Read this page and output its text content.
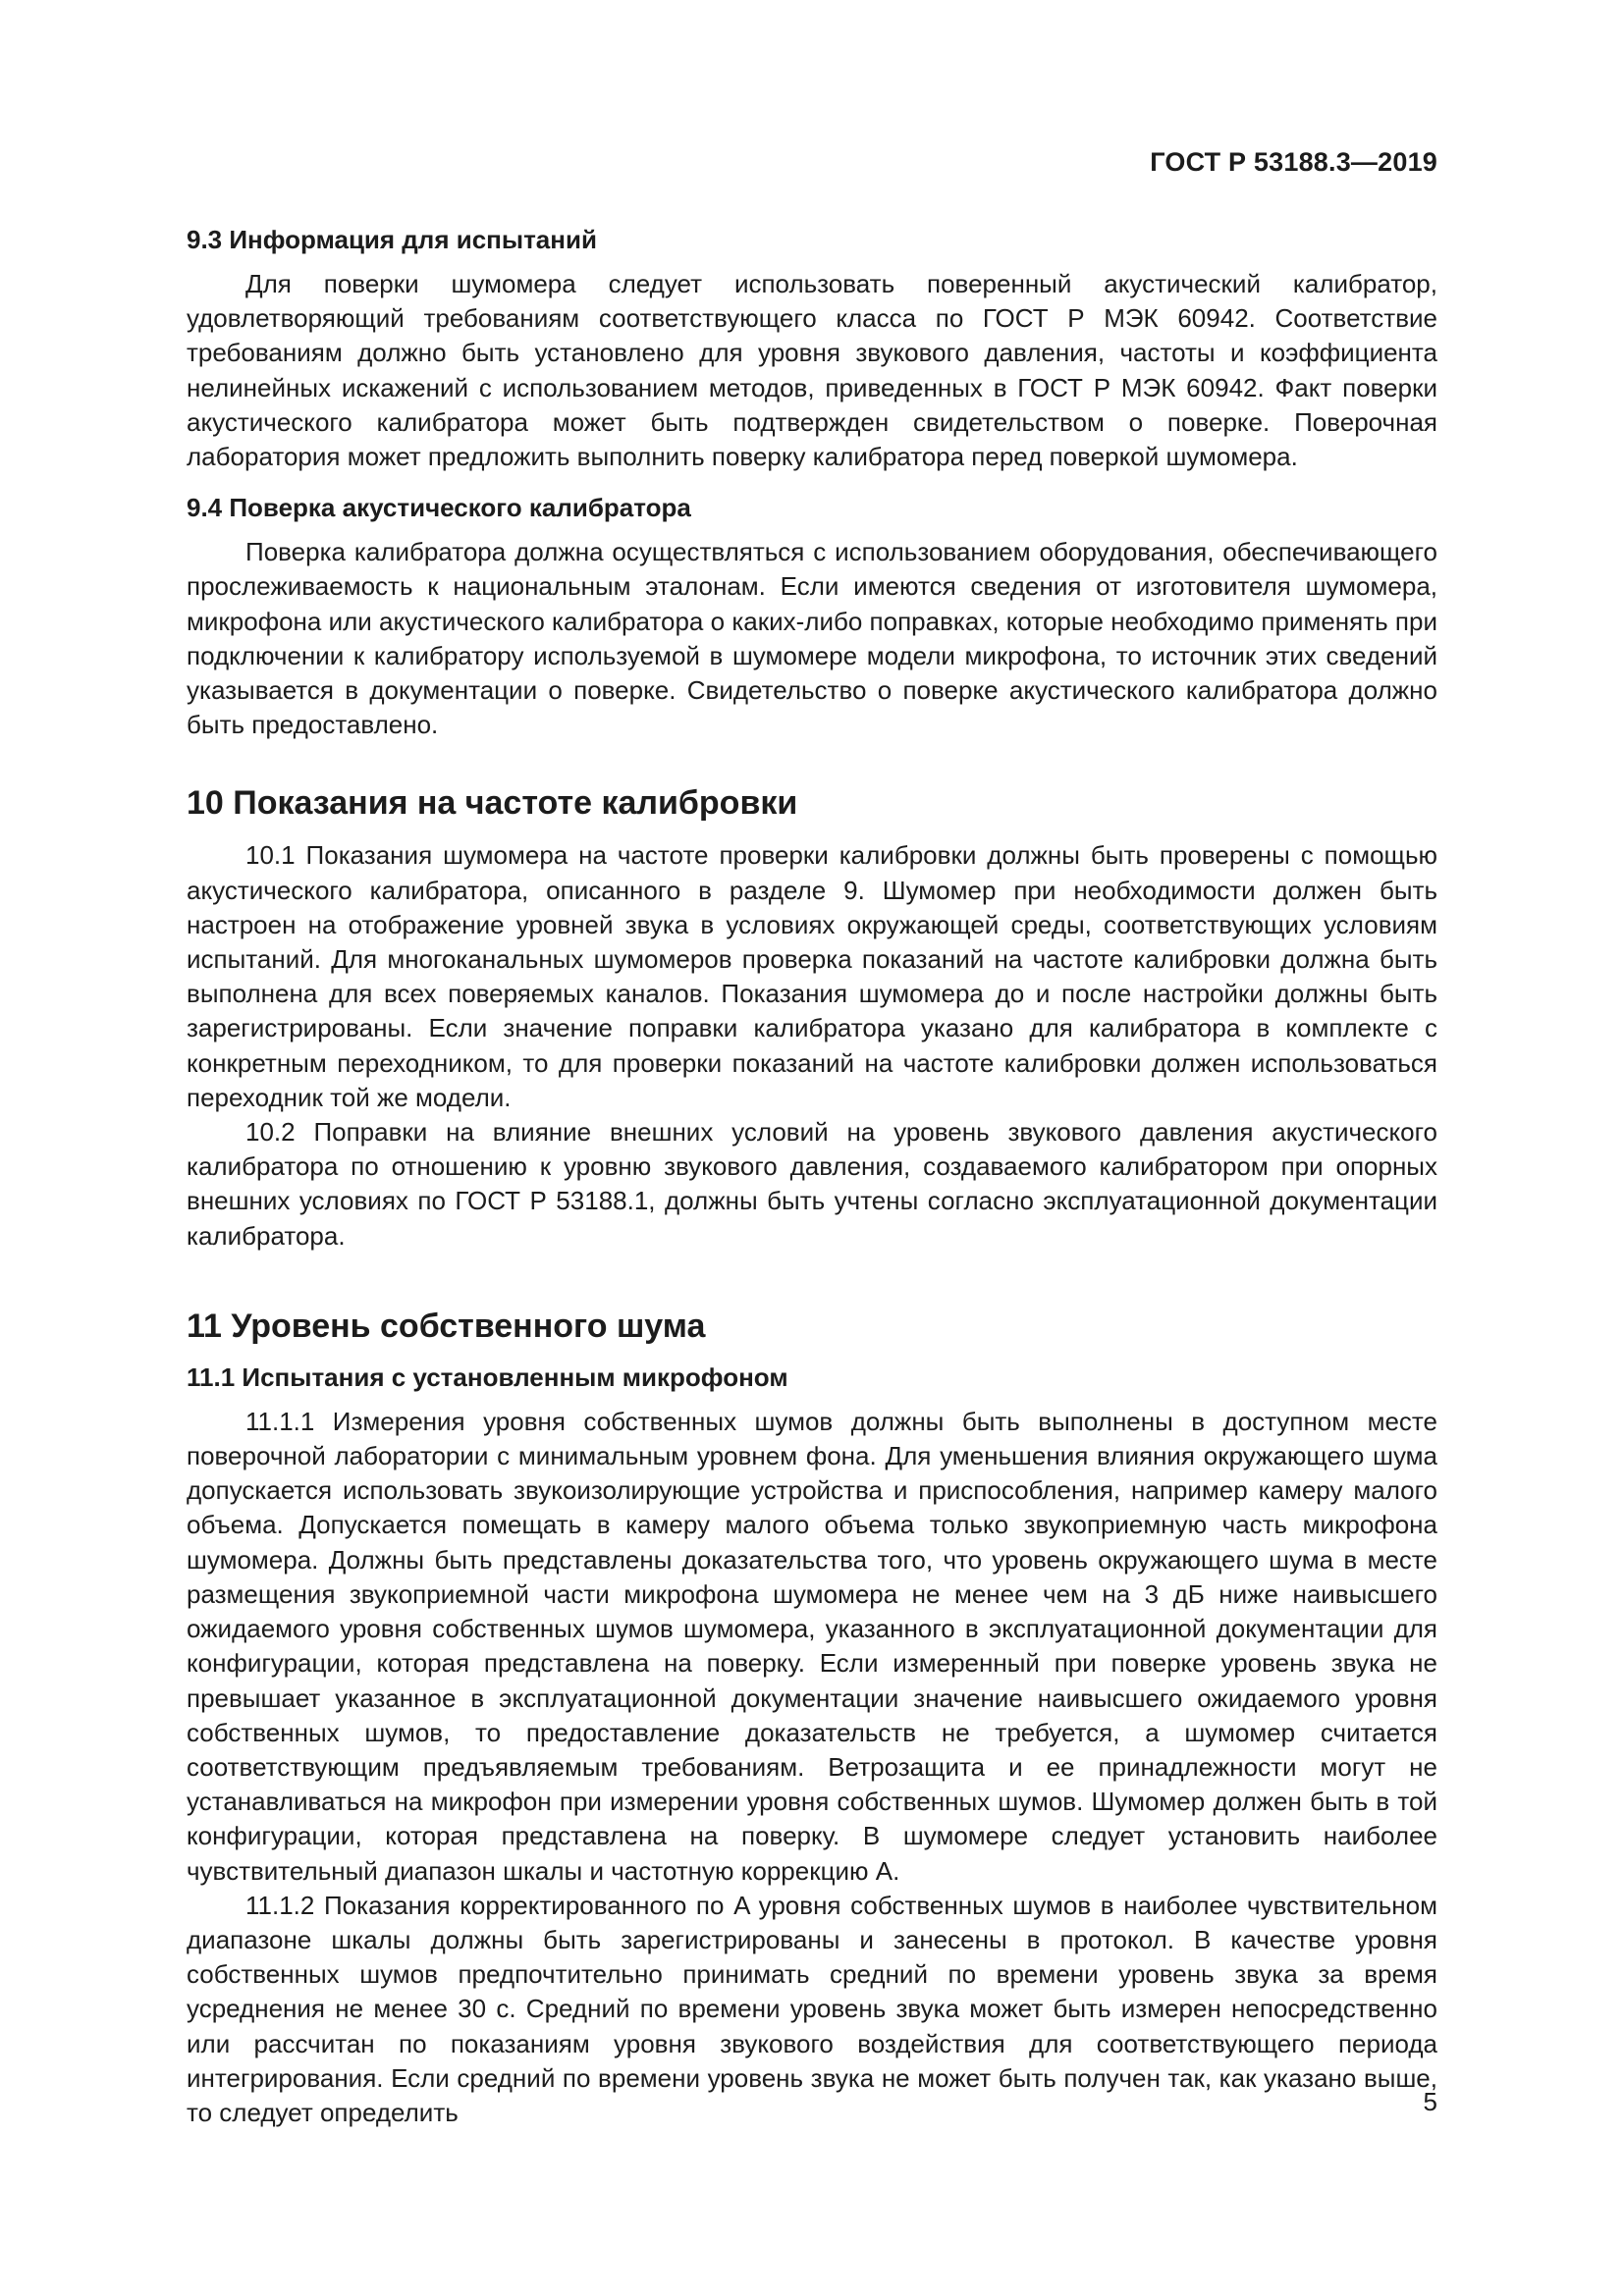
ГОСТ Р 53188.3—2019
9.3 Информация для испытаний

Для поверки шумомера следует использовать поверенный акустический калибратор, удовлетворяющий требованиям соответствующего класса по ГОСТ Р МЭК 60942. Соответствие требованиям должно быть установлено для уровня звукового давления, частоты и коэффициента нелинейных искажений с использованием методов, приведенных в ГОСТ Р МЭК 60942. Факт поверки акустического калибратора может быть подтвержден свидетельством о поверке. Поверочная лаборатория может предложить выполнить поверку калибратора перед поверкой шумомера.

9.4 Поверка акустического калибратора

Поверка калибратора должна осуществляться с использованием оборудования, обеспечивающего прослеживаемость к национальным эталонам. Если имеются сведения от изготовителя шумомера, микрофона или акустического калибратора о каких-либо поправках, которые необходимо применять при подключении к калибратору используемой в шумомере модели микрофона, то источник этих сведений указывается в документации о поверке. Свидетельство о поверке акустического калибратора должно быть предоставлено.

10 Показания на частоте калибровки

10.1 Показания шумомера на частоте проверки калибровки должны быть проверены с помощью акустического калибратора, описанного в разделе 9. Шумомер при необходимости должен быть настроен на отображение уровней звука в условиях окружающей среды, соответствующих условиям испытаний. Для многоканальных шумомеров проверка показаний на частоте калибровки должна быть выполнена для всех поверяемых каналов. Показания шумомера до и после настройки должны быть зарегистрированы. Если значение поправки калибратора указано для калибратора в комплекте с конкретным переходником, то для проверки показаний на частоте калибровки должен использоваться переходник той же модели.

10.2 Поправки на влияние внешних условий на уровень звукового давления акустического калибратора по отношению к уровню звукового давления, создаваемого калибратором при опорных внешних условиях по ГОСТ Р 53188.1, должны быть учтены согласно эксплуатационной документации калибратора.

11 Уровень собственного шума
11.1 Испытания с установленным микрофоном

11.1.1 Измерения уровня собственных шумов должны быть выполнены в доступном месте поверочной лаборатории с минимальным уровнем фона. Для уменьшения влияния окружающего шума допускается использовать звукоизолирующие устройства и приспособления, например камеру малого объема. Допускается помещать в камеру малого объема только звукоприемную часть микрофона шумомера. Должны быть представлены доказательства того, что уровень окружающего шума в месте размещения звукоприемной части микрофона шумомера не менее чем на 3 дБ ниже наивысшего ожидаемого уровня собственных шумов шумомера, указанного в эксплуатационной документации для конфигурации, которая представлена на поверку. Если измеренный при поверке уровень звука не превышает указанное в эксплуатационной документации значение наивысшего ожидаемого уровня собственных шумов, то предоставление доказательств не требуется, а шумомер считается соответствующим предъявляемым требованиям. Ветрозащита и ее принадлежности могут не устанавливаться на микрофон при измерении уровня собственных шумов. Шумомер должен быть в той конфигурации, которая представлена на поверку. В шумомере следует установить наиболее чувствительный диапазон шкалы и частотную коррекцию A.

11.1.2 Показания корректированного по A уровня собственных шумов в наиболее чувствительном диапазоне шкалы должны быть зарегистрированы и занесены в протокол. В качестве уровня собственных шумов предпочтительно принимать средний по времени уровень звука за время усреднения не менее 30 с. Средний по времени уровень звука может быть измерен непосредственно или рассчитан по показаниям уровня звукового воздействия для соответствующего периода интегрирования. Если средний по времени уровень звука не может быть получен так, как указано выше, то следует определить	5
